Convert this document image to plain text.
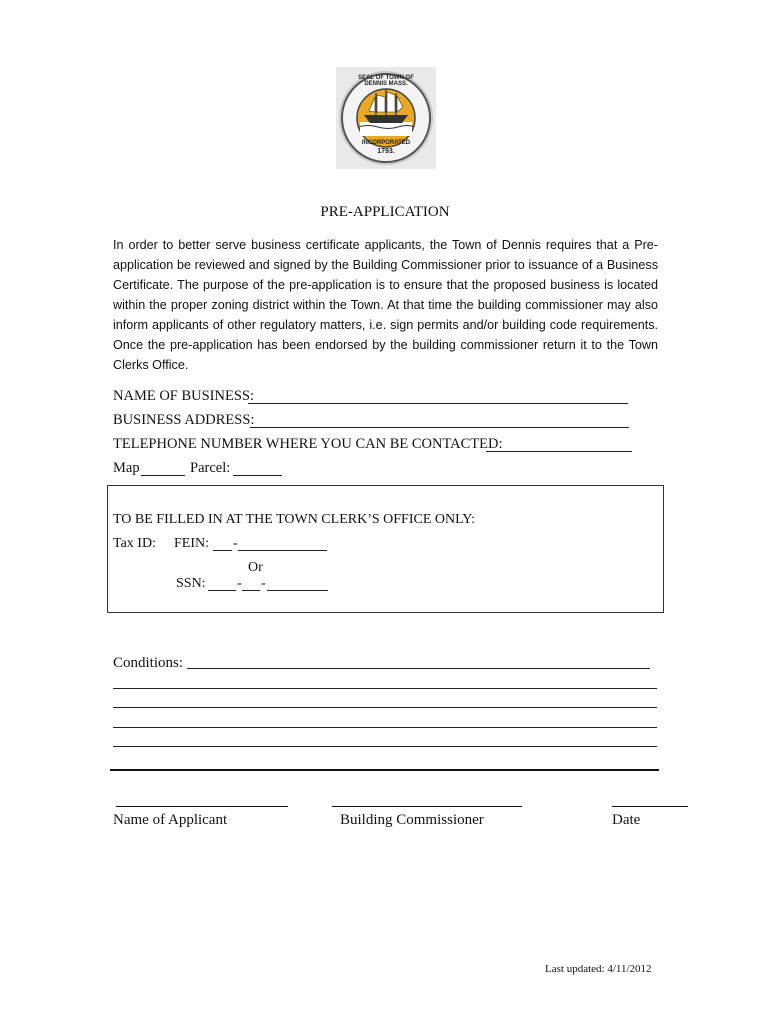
SEAL OF TOWN OF DENNIS MASS.
INCORPORATED
1793.
PRE-APPLICATION
In order to better serve business certificate applicants, the Town of Dennis requires that a Pre-application be reviewed and signed by the Building Commissioner prior to issuance of a Business Certificate. The purpose of the pre-application is to ensure that the proposed business is located within the proper zoning district within the Town. At that time the building commissioner may also inform applicants of other regulatory matters, i.e. sign permits and/or building code requirements. Once the pre-application has been endorsed by the building commissioner return it to the Town Clerks Office.
NAME OF BUSINESS:
BUSINESS ADDRESS:
TELEPHONE NUMBER WHERE YOU CAN BE CONTACTED:
Map	Parcel:
TO BE FILLED IN AT THE TOWN CLERK’S OFFICE ONLY:
Tax ID: FEIN: -
Or
SSN: - -
Conditions:
Name of Applicant	Building Commissioner	Date
Last updated: 4/11/2012
